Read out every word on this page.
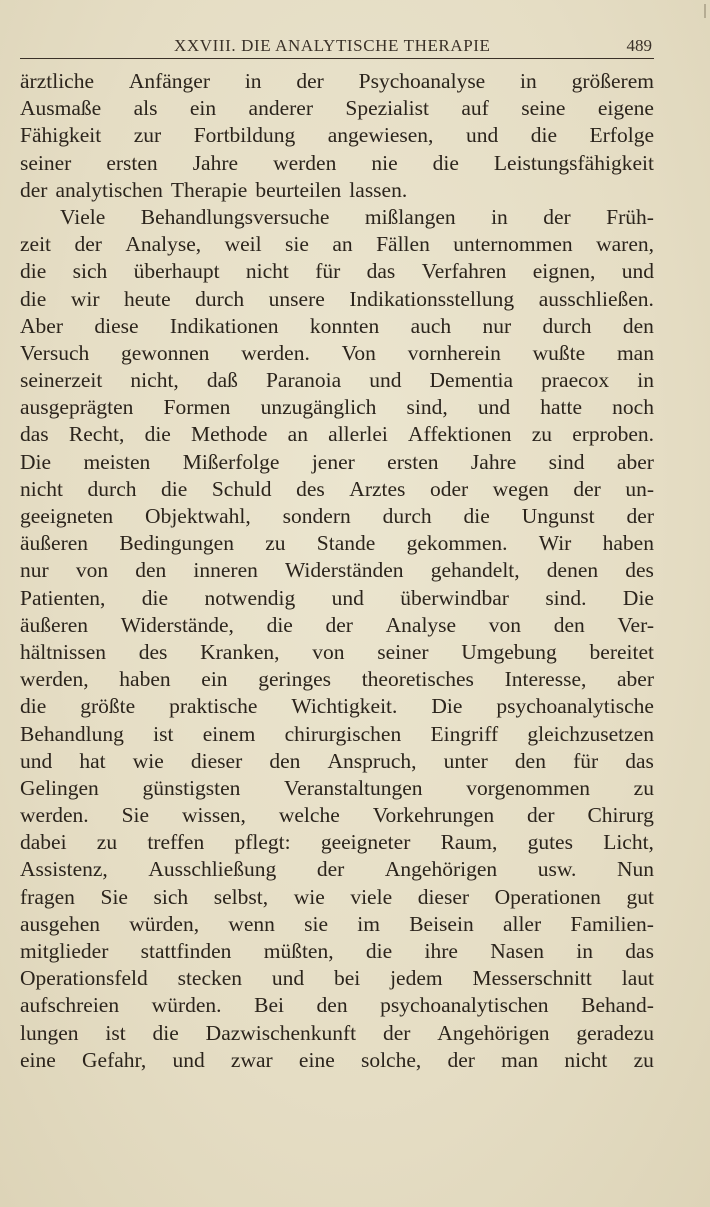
XXVIII. DIE ANALYTISCHE THERAPIE	489
ärztliche Anfänger in der Psychoanalyse in größerem
Ausmaße als ein anderer Spezialist auf seine eigene
Fähigkeit zur Fortbildung angewiesen, und die Erfolge
seiner ersten Jahre werden nie die Leistungsfähigkeit
der analytischen Therapie beurteilen lassen.
Viele Behandlungsversuche mißlangen in der Früh-
zeit der Analyse, weil sie an Fällen unternommen waren,
die sich überhaupt nicht für das Verfahren eignen, und
die wir heute durch unsere Indikationsstellung ausschließen.
Aber diese Indikationen konnten auch nur durch den
Versuch gewonnen werden. Von vornherein wußte man
seinerzeit nicht, daß Paranoia und Dementia praecox in
ausgeprägten Formen unzugänglich sind, und hatte noch
das Recht, die Methode an allerlei Affektionen zu erproben.
Die meisten Mißerfolge jener ersten Jahre sind aber
nicht durch die Schuld des Arztes oder wegen der un-
geeigneten Objektwahl, sondern durch die Ungunst der
äußeren Bedingungen zu Stande gekommen. Wir haben
nur von den inneren Widerständen gehandelt, denen des
Patienten, die notwendig und überwindbar sind. Die
äußeren Widerstände, die der Analyse von den Ver-
hältnissen des Kranken, von seiner Umgebung bereitet
werden, haben ein geringes theoretisches Interesse, aber
die größte praktische Wichtigkeit. Die psychoanalytische
Behandlung ist einem chirurgischen Eingriff gleichzusetzen
und hat wie dieser den Anspruch, unter den für das
Gelingen günstigsten Veranstaltungen vorgenommen zu
werden. Sie wissen, welche Vorkehrungen der Chirurg
dabei zu treffen pflegt: geeigneter Raum, gutes Licht,
Assistenz, Ausschließung der Angehörigen usw. Nun
fragen Sie sich selbst, wie viele dieser Operationen gut
ausgehen würden, wenn sie im Beisein aller Familien-
mitglieder stattfinden müßten, die ihre Nasen in das
Operationsfeld stecken und bei jedem Messerschnitt laut
aufschreien würden. Bei den psychoanalytischen Behand-
lungen ist die Dazwischenkunft der Angehörigen geradezu
eine Gefahr, und zwar eine solche, der man nicht zu
